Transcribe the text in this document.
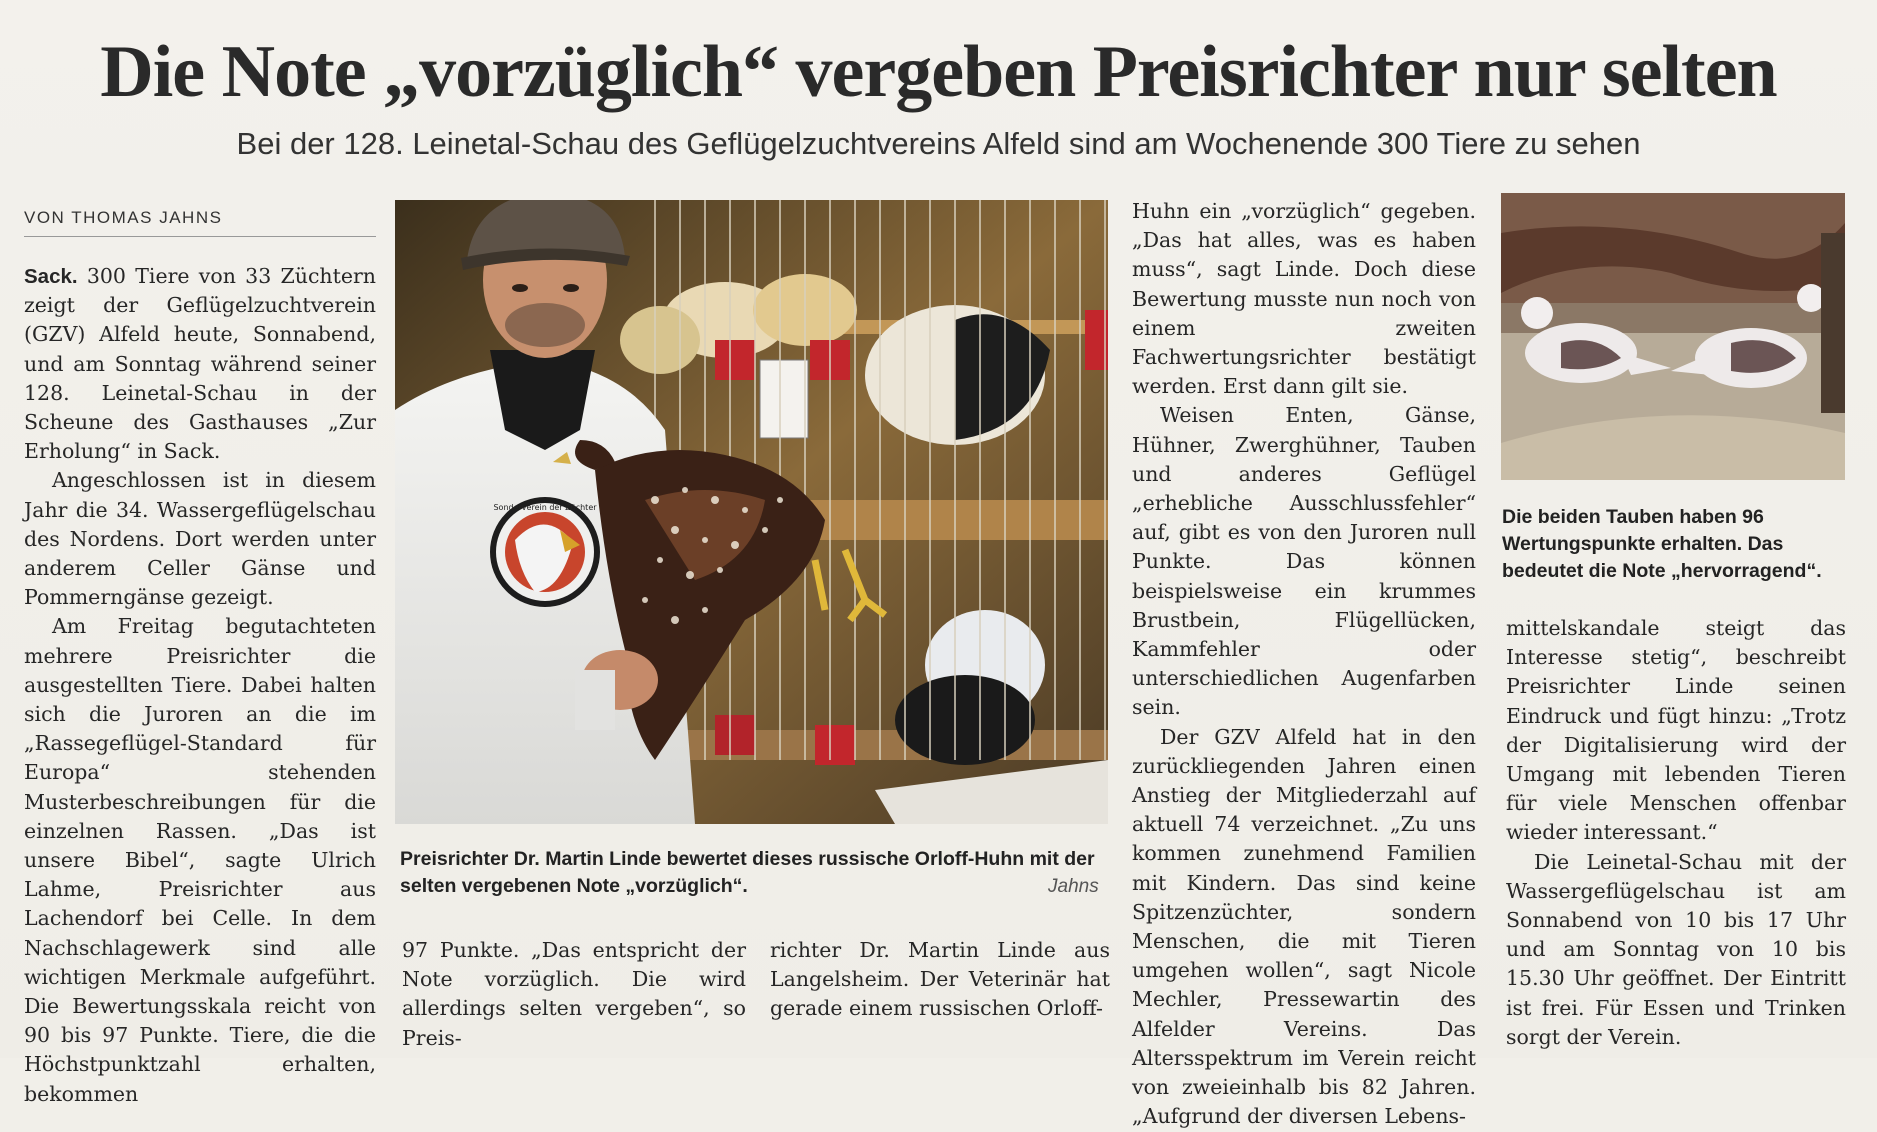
Die Note „vorzüglich“ vergeben Preisrichter nur selten
Bei der 128. Leinetal-Schau des Geflügelzuchtvereins Alfeld sind am Wochenende 300 Tiere zu sehen
VON THOMAS JAHNS

Sack. 300 Tiere von 33 Züchtern zeigt der Geflügelzuchtverein (GZV) Alfeld heute, Sonnabend, und am Sonntag während seiner 128. Leinetal-Schau in der Scheune des Gasthauses „Zur Erholung“ in Sack.

Angeschlossen ist in diesem Jahr die 34. Wassergeflügelschau des Nordens. Dort werden unter anderem Celler Gänse und Pommerngänse gezeigt.

Am Freitag begutachteten mehrere Preisrichter die ausgestellten Tiere. Dabei halten sich die Juroren an die im „Rassegeflügel-Standard für Europa“ stehenden Musterbeschreibungen für die einzelnen Rassen. „Das ist unsere Bibel“, sagte Ulrich Lahme, Preisrichter aus Lachendorf bei Celle. In dem Nachschlagewerk sind alle wichtigen Merkmale aufgeführt. Die Bewertungsskala reicht von 90 bis 97 Punkte. Tiere, die die Höchstpunktzahl erhalten, bekommen

Sonderverein der Züchter
Preisrichter Dr. Martin Linde bewertet dieses russische Orloff-Huhn mit der selten vergebenen Note „vorzüglich“.	Jahns

97 Punkte. „Das entspricht der Note vorzüglich. Die wird allerdings selten vergeben“, so Preis-

richter Dr. Martin Linde aus Langelsheim. Der Veterinär hat gerade einem russischen Orloff-

Huhn ein „vorzüglich“ gegeben. „Das hat alles, was es haben muss“, sagt Linde. Doch diese Bewertung musste nun noch von einem zweiten Fachwertungsrichter bestätigt werden. Erst dann gilt sie.

Weisen Enten, Gänse, Hühner, Zwerghühner, Tauben und anderes Geflügel „erhebliche Ausschlussfehler“ auf, gibt es von den Juroren null Punkte. Das können beispielsweise ein krummes Brustbein, Flügellücken, Kammfehler oder unterschiedlichen Augenfarben sein.

Der GZV Alfeld hat in den zurückliegenden Jahren einen Anstieg der Mitgliederzahl auf aktuell 74 verzeichnet. „Zu uns kommen zunehmend Familien mit Kindern. Das sind keine Spitzenzüchter, sondern Menschen, die mit Tieren umgehen wollen“, sagt Nicole Mechler, Pressewartin des Alfelder Vereins. Das Altersspektrum im Verein reicht von zweieinhalb bis 82 Jahren. „Aufgrund der diversen Lebens-

Die beiden Tauben haben 96 Wertungspunkte erhalten. Das bedeutet die Note „hervorragend“.

mittelskandale steigt das Interesse stetig“, beschreibt Preisrichter Linde seinen Eindruck und fügt hinzu: „Trotz der Digitalisierung wird der Umgang mit lebenden Tieren für viele Menschen offenbar wieder interessant.“

Die Leinetal-Schau mit der Wassergeflügelschau ist am Sonnabend von 10 bis 17 Uhr und am Sonntag von 10 bis 15.30 Uhr geöffnet. Der Eintritt ist frei. Für Essen und Trinken sorgt der Verein.
